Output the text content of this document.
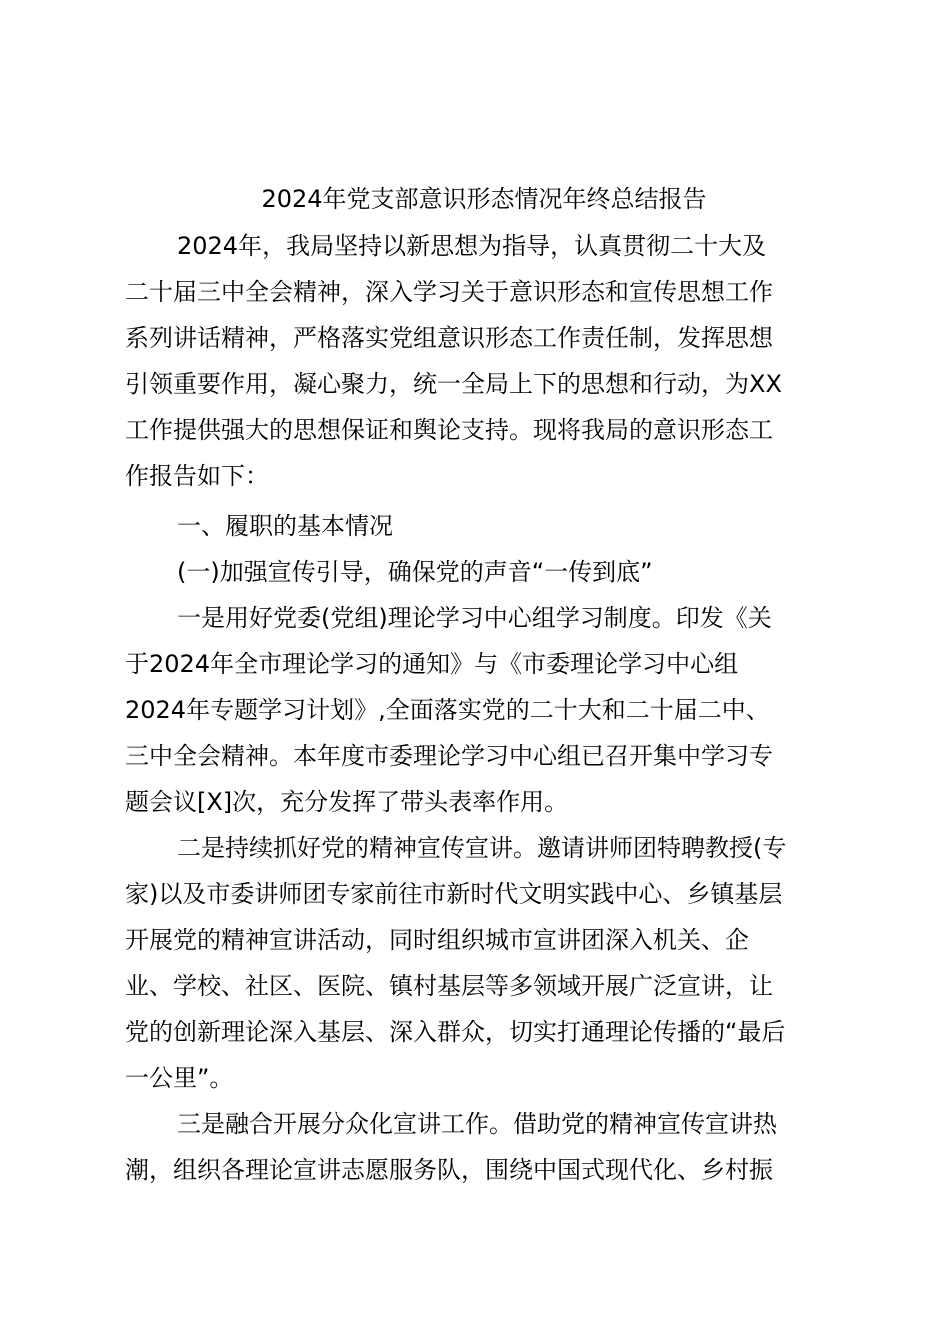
2024年党支部意识形态情况年终总结报告
2024年，我局坚持以新思想为指导，认真贯彻二十大及
二十届三中全会精神，深入学习关于意识形态和宣传思想工作
系列讲话精神，严格落实党组意识形态工作责任制，发挥思想
引领重要作用，凝心聚力，统一全局上下的思想和行动，为XX
工作提供强大的思想保证和舆论支持。现将我局的意识形态工
作报告如下：
一、履职的基本情况
(一)加强宣传引导，确保党的声音“一传到底”
一是用好党委(党组)理论学习中心组学习制度。印发《关
于2024年全市理论学习的通知》与《市委理论学习中心组
2024年专题学习计划》,全面落实党的二十大和二十届二中、
三中全会精神。本年度市委理论学习中心组已召开集中学习专
题会议[X]次，充分发挥了带头表率作用。
二是持续抓好党的精神宣传宣讲。邀请讲师团特聘教授(专
家)以及市委讲师团专家前往市新时代文明实践中心、乡镇基层
开展党的精神宣讲活动，同时组织城市宣讲团深入机关、企
业、学校、社区、医院、镇村基层等多领域开展广泛宣讲，让
党的创新理论深入基层、深入群众，切实打通理论传播的“最后
一公里”。
三是融合开展分众化宣讲工作。借助党的精神宣传宣讲热
潮，组织各理论宣讲志愿服务队，围绕中国式现代化、乡村振
